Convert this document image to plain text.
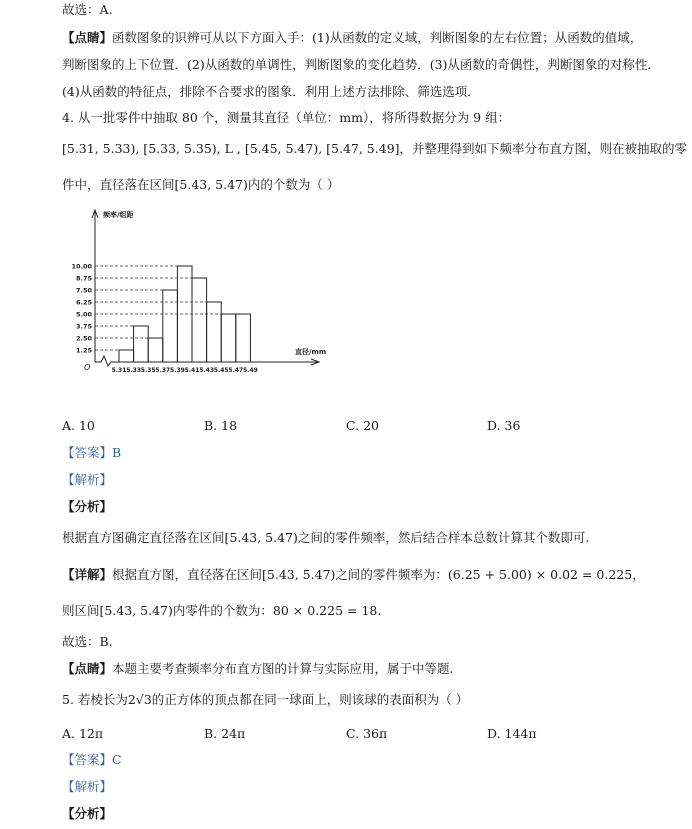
故选：A.
【点睛】函数图象的识辨可从以下方面入手：(1)从函数的定义域，判断图象的左右位置；从函数的值域，
判断图象的上下位置．(2)从函数的单调性，判断图象的变化趋势．(3)从函数的奇偶性，判断图象的对称性．
(4)从函数的特征点，排除不合要求的图象．利用上述方法排除、筛选选项．
4. 从一批零件中抽取 80 个，测量其直径（单位：mm），将所得数据分为 9 组：
[5.31, 5.33), [5.33, 5.35), L , [5.45, 5.47), [5.47, 5.49]，并整理得到如下频率分布直方图，则在被抽取的零
件中，直径落在区间[5.43, 5.47)内的个数为（ ）
频率/组距
直径/mm
O
1.25
2.50
3.75
5.00
6.25
7.50
8.75
10.00
5.31 5.33 5.35 5.37 5.39 5.41 5.43 5.45 5.47 5.49
A. 10	B. 18	C. 20	D. 36
【答案】B
【解析】
【分析】
根据直方图确定直径落在区间[5.43, 5.47)之间的零件频率，然后结合样本总数计算其个数即可.
【详解】根据直方图，直径落在区间[5.43, 5.47)之间的零件频率为：(6.25 + 5.00) × 0.02 = 0.225，
则区间[5.43, 5.47)内零件的个数为：80 × 0.225 = 18.
故选：B.
【点睛】本题主要考查频率分布直方图的计算与实际应用，属于中等题.
5. 若棱长为2√3的正方体的顶点都在同一球面上，则该球的表面积为（ ）
A. 12π	B. 24π	C. 36π	D. 144π
【答案】C
【解析】
【分析】
